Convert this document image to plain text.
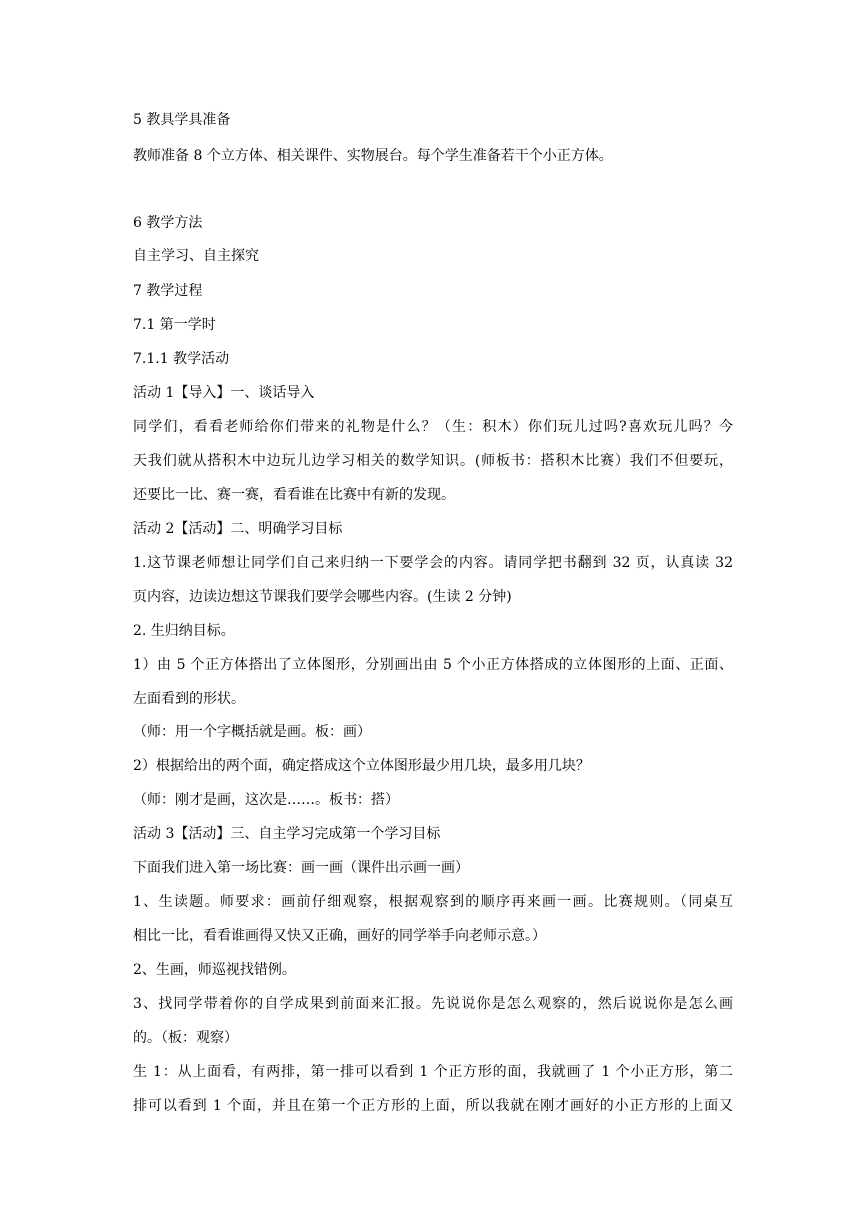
5 教具学具准备
教师准备 8 个立方体、相关课件、实物展台。每个学生准备若干个小正方体。
6 教学方法
自主学习、自主探究
7 教学过程
7.1 第一学时
7.1.1 教学活动
活动 1【导入】一、谈话导入
同学们，看看老师给你们带来的礼物是什么？（生：积木）你们玩儿过吗?喜欢玩儿吗？今
天我们就从搭积木中边玩儿边学习相关的数学知识。(师板书：搭积木比赛）我们不但要玩，
还要比一比、赛一赛，看看谁在比赛中有新的发现。
活动 2【活动】二、明确学习目标
1.这节课老师想让同学们自己来归纳一下要学会的内容。请同学把书翻到 32 页，认真读 32
页内容，边读边想这节课我们要学会哪些内容。(生读 2 分钟)
2. 生归纳目标。
1）由 5 个正方体搭出了立体图形，分别画出由 5 个小正方体搭成的立体图形的上面、正面、
左面看到的形状。
（师：用一个字概括就是画。板：画）
2）根据给出的两个面，确定搭成这个立体图形最少用几块，最多用几块？
（师：刚才是画，这次是……。板书：搭）
活动 3【活动】三、自主学习完成第一个学习目标
下面我们进入第一场比赛：画一画（课件出示画一画）
1、生读题。师要求：画前仔细观察，根据观察到的顺序再来画一画。比赛规则。（同桌互
相比一比，看看谁画得又快又正确，画好的同学举手向老师示意。）
2、生画，师巡视找错例。
3、找同学带着你的自学成果到前面来汇报。先说说你是怎么观察的，然后说说你是怎么画
的。（板：观察）
生 1：从上面看，有两排，第一排可以看到 1 个正方形的面，我就画了 1 个小正方形，第二
排可以看到 1 个面，并且在第一个正方形的上面，所以我就在刚才画好的小正方形的上面又
